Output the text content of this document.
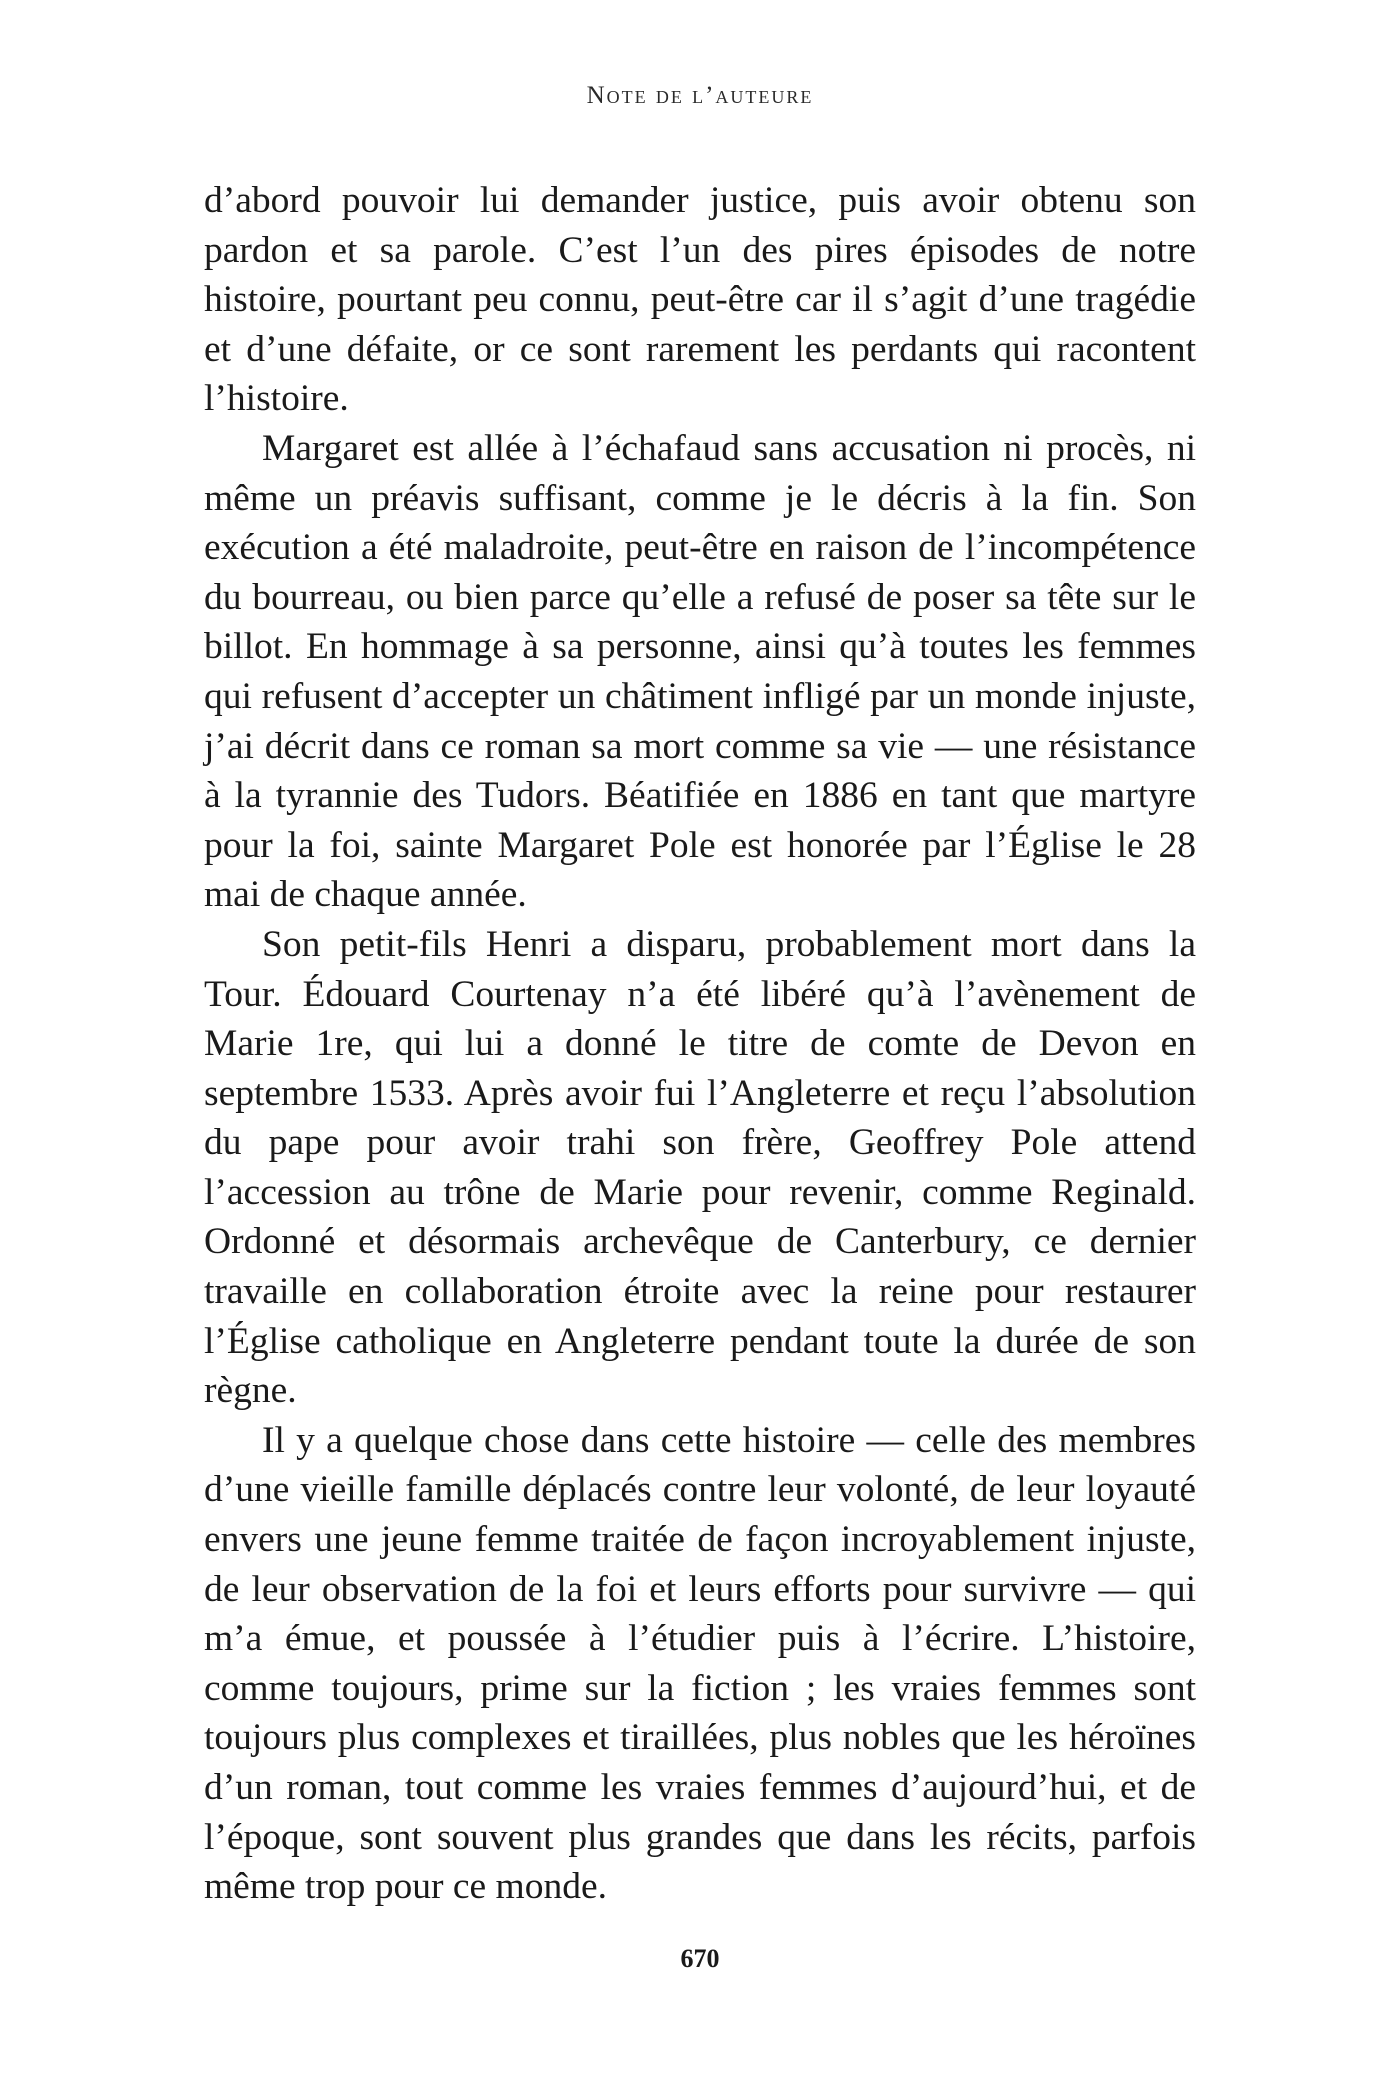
Note de l’auteure

d’abord pouvoir lui demander justice, puis avoir obtenu son pardon et sa parole. C’est l’un des pires épisodes de notre histoire, pourtant peu connu, peut-être car il s’agit d’une tragédie et d’une défaite, or ce sont rarement les perdants qui racontent l’histoire.

Margaret est allée à l’échafaud sans accusation ni procès, ni même un préavis suffisant, comme je le décris à la fin. Son exécution a été maladroite, peut-être en raison de l’incompétence du bourreau, ou bien parce qu’elle a refusé de poser sa tête sur le billot. En hommage à sa personne, ainsi qu’à toutes les femmes qui refusent d’accepter un châtiment infligé par un monde injuste, j’ai décrit dans ce roman sa mort comme sa vie — une résistance à la tyrannie des Tudors. Béatifiée en 1886 en tant que martyre pour la foi, sainte Margaret Pole est honorée par l’Église le 28 mai de chaque année.

Son petit-fils Henri a disparu, probablement mort dans la Tour. Édouard Courtenay n’a été libéré qu’à l’avènement de Marie 1re, qui lui a donné le titre de comte de Devon en septembre 1533. Après avoir fui l’Angleterre et reçu l’absolution du pape pour avoir trahi son frère, Geoffrey Pole attend l’accession au trône de Marie pour revenir, comme Reginald. Ordonné et désormais archevêque de Canterbury, ce dernier travaille en collaboration étroite avec la reine pour restaurer l’Église catholique en Angleterre pendant toute la durée de son règne.

Il y a quelque chose dans cette histoire — celle des membres d’une vieille famille déplacés contre leur volonté, de leur loyauté envers une jeune femme traitée de façon incroyablement injuste, de leur observation de la foi et leurs efforts pour survivre — qui m’a émue, et poussée à l’étudier puis à l’écrire. L’histoire, comme toujours, prime sur la fiction ; les vraies femmes sont toujours plus complexes et tiraillées, plus nobles que les héroïnes d’un roman, tout comme les vraies femmes d’aujourd’hui, et de l’époque, sont souvent plus grandes que dans les récits, parfois même trop pour ce monde.

670
